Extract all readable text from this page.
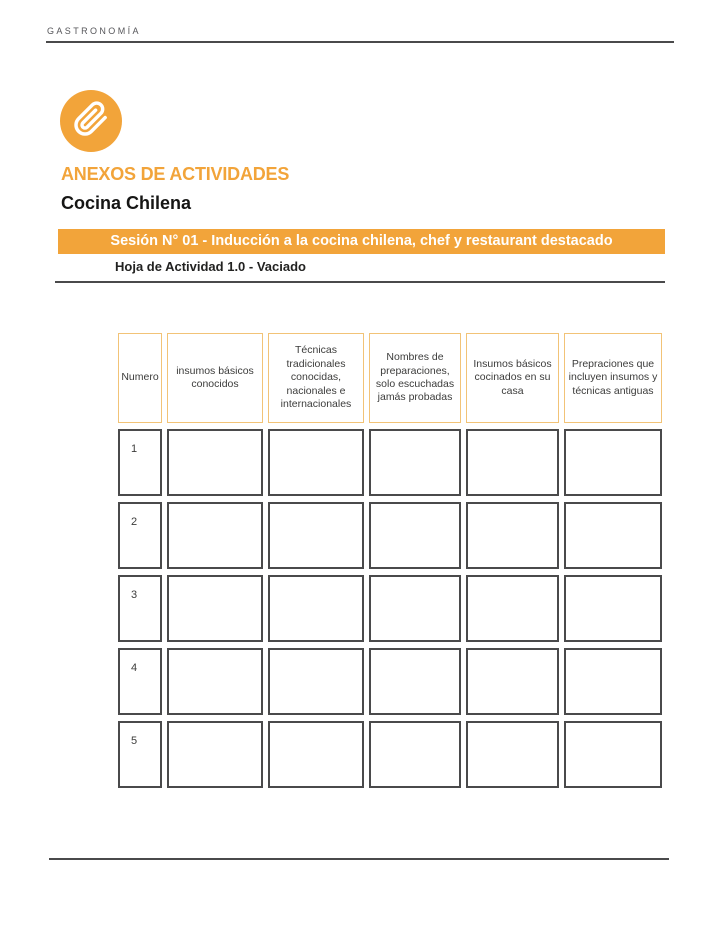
GASTRONOMÍA
ANEXOS DE ACTIVIDADES
Cocina Chilena
Sesión N° 01 - Inducción a la cocina chilena, chef y restaurant destacado
Hoja de Actividad 1.0 - Vaciado
Numero
insumos básicos conocidos
Técnicas tradicionales conocidas, nacionales e internacionales
Nombres de preparaciones, solo escuchadas jamás probadas
Insumos básicos cocinados en su casa
Prepraciones que incluyen insumos y técnicas antiguas
1
2
3
4
5
